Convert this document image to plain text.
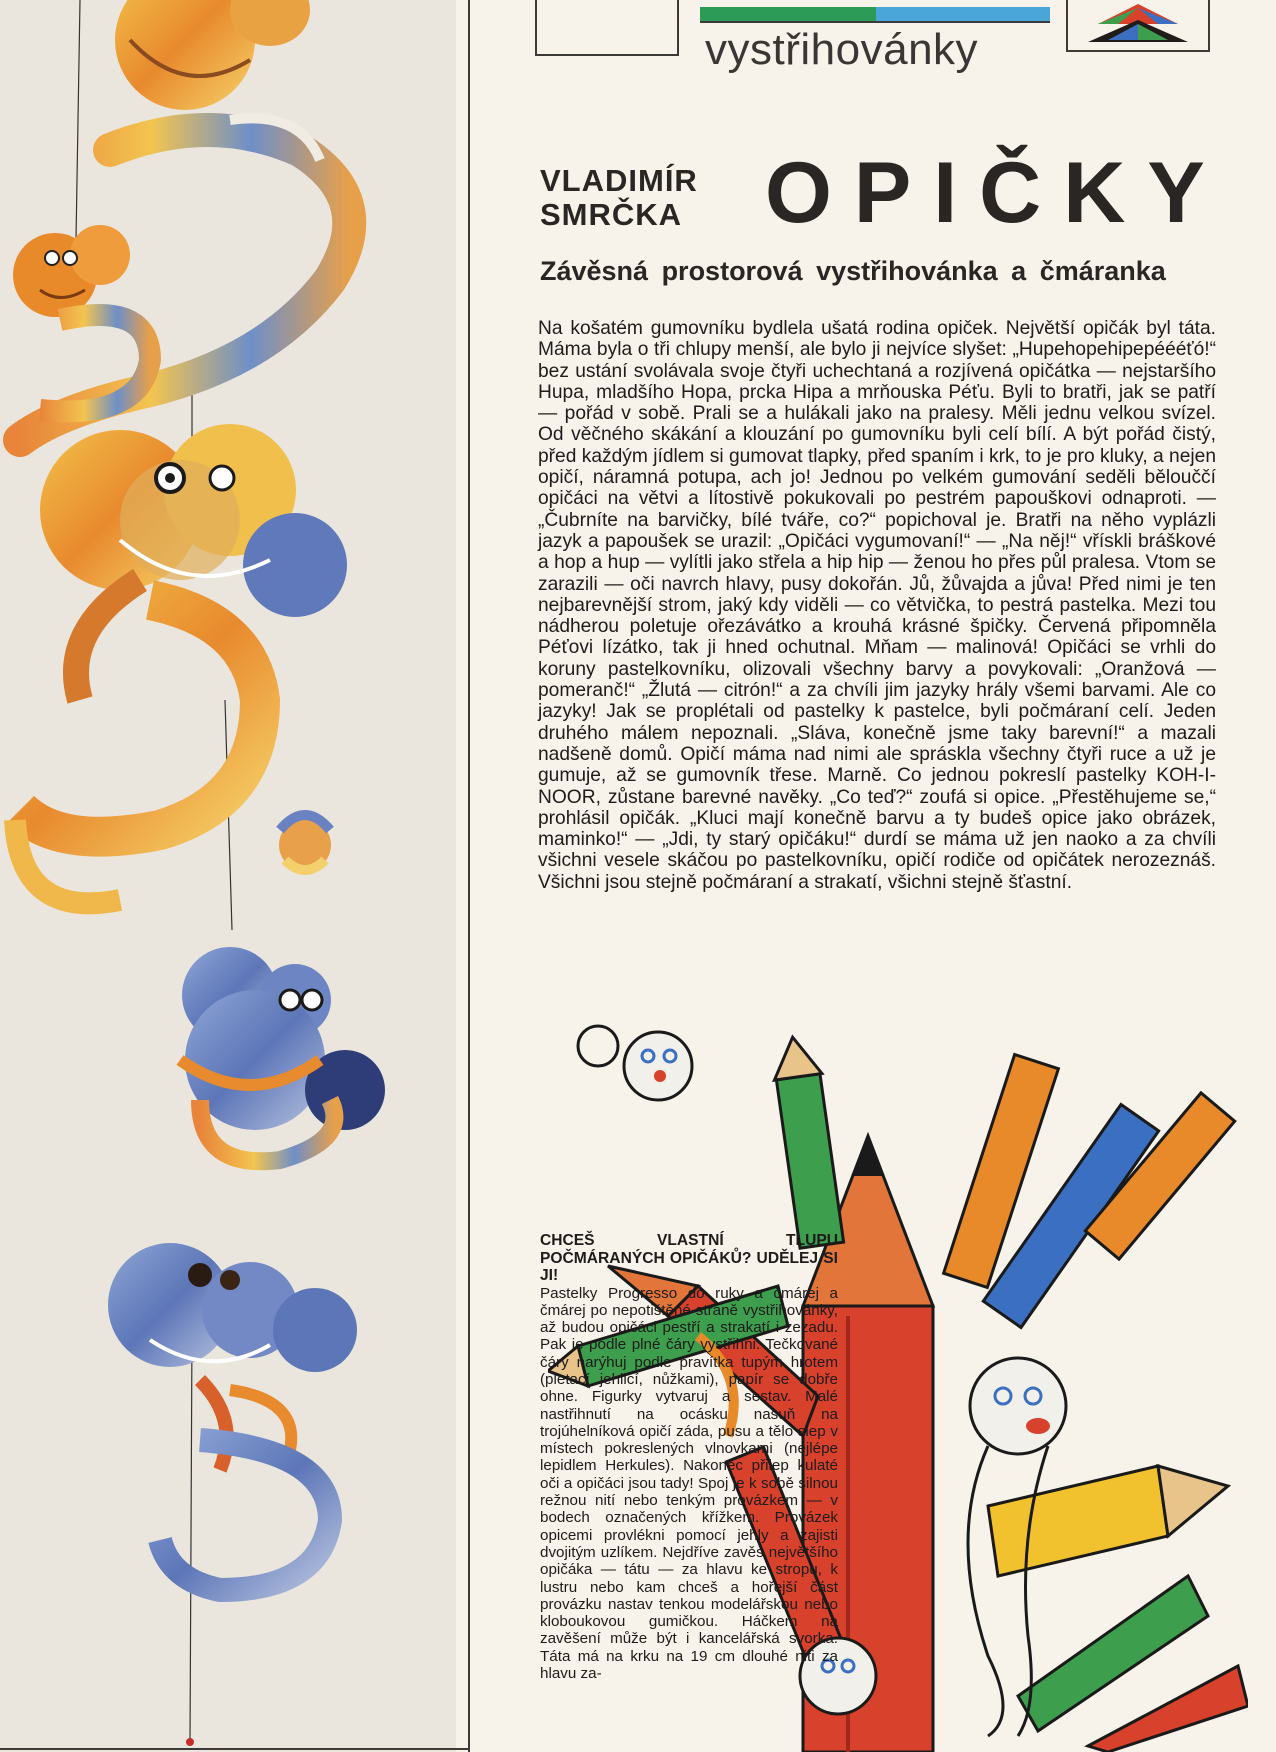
vystřihovánky
VLADIMÍR
SMRČKA OPIČKY
Závěsná prostorová vystřihovánka a čmáranka

Na košatém gumovníku bydlela ušatá rodina opiček. Největší opičák byl táta. Máma byla o tři chlupy menší, ale bylo ji nejvíce slyšet: „Hupehopehipepéééťó!“ bez ustání svolávala svoje čtyři uchechtaná a rozjívená opičátka — nejstaršího Hupa, mladšího Hopa, prcka Hipa a mrňouska Péťu. Byli to bratři, jak se patří — pořád v sobě. Prali se a hulákali jako na pralesy. Měli jednu velkou svízel. Od věčného skákání a klouzání po gumovníku byli celí bílí. A být pořád čistý, před každým jídlem si gumovat tlapky, před spaním i krk, to je pro kluky, a nejen opičí, náramná potupa, ach jo! Jednou po velkém gumování seděli bělouččí opičáci na větvi a lítostivě pokukovali po pestrém papouškovi odnaproti. — „Čubrníte na barvičky, bílé tváře, co?“ popichoval je. Bratři na něho vyplázli jazyk a papoušek se urazil: „Opičáci vygumovaní!“ — „Na něj!“ vřískli bráškové a hop a hup — vylítli jako střela a hip hip — ženou ho přes půl pralesa. Vtom se zarazili — oči navrch hlavy, pusy dokořán. Jů, žůvajda a jůva! Před nimi je ten nejbarevnější strom, jaký kdy viděli — co větvička, to pestrá pastelka. Mezi tou nádherou poletuje ořezávátko a krouhá krásné špičky. Červená připomněla Péťovi lízátko, tak ji hned ochutnal. Mňam — malinová! Opičáci se vrhli do koruny pastelkovníku, olizovali všechny barvy a povykovali: „Oranžová — pomeranč!“ „Žlutá — citrón!“ a za chvíli jim jazyky hrály všemi barvami. Ale co jazyky! Jak se proplétali od pastelky k pastelce, byli počmáraní celí. Jeden druhého málem nepoznali. „Sláva, konečně jsme taky barevní!“ a mazali nadšeně domů. Opičí máma nad nimi ale spráskla všechny čtyři ruce a už je gumuje, až se gumovník třese. Marně. Co jednou pokreslí pastelky KOH-I-NOOR, zůstane barevné navěky. „Co teď?“ zoufá si opice. „Přestěhujeme se,“ prohlásil opičák. „Kluci mají konečně barvu a ty budeš opice jako obrázek, maminko!“ — „Jdi, ty starý opičáku!“ durdí se máma už jen naoko a za chvíli všichni vesele skáčou po pastelkovníku, opičí rodiče od opičátek nerozeznáš. Všichni jsou stejně počmáraní a strakatí, všichni stejně šťastní.

CHCEŠ VLASTNÍ TLUPU POČMÁRANÝCH OPIČÁKŮ? UDĚLEJ SI JI!

Pastelky Progresso do ruky a čmárej a čmárej po nepotištěné straně vystřihovánky, až budou opičáci pestří a strakatí i zezadu. Pak je podle plné čáry vystřihni. Tečkované čáry narýhuj podle pravítka tupým hrotem (pletací jehlicí, nůžkami), papír se dobře ohne. Figurky vytvaruj a sestav. Malé nastřihnutí na ocásku nasuň na trojúhelníková opičí záda, pusu a tělo slep v místech pokreslených vlnovkami (nejlépe lepidlem Herkules). Nakonec přilep kulaté oči a opičáci jsou tady! Spoj je k sobě silnou režnou nití nebo tenkým provázkem — v bodech označených křížkem. Provázek opicemi provlékni pomocí jehly a zajisti dvojitým uzlíkem. Nejdříve zavěs největšího opičáka — tátu — za hlavu ke stropu, k lustru nebo kam chceš a hořejší část provázku nastav tenkou modelářskou nebo kloboukovou gumičkou. Háčkem na zavěšení může být i kancelářská svorka. Táta má na krku na 19 cm dlouhé niti za hlavu za-
